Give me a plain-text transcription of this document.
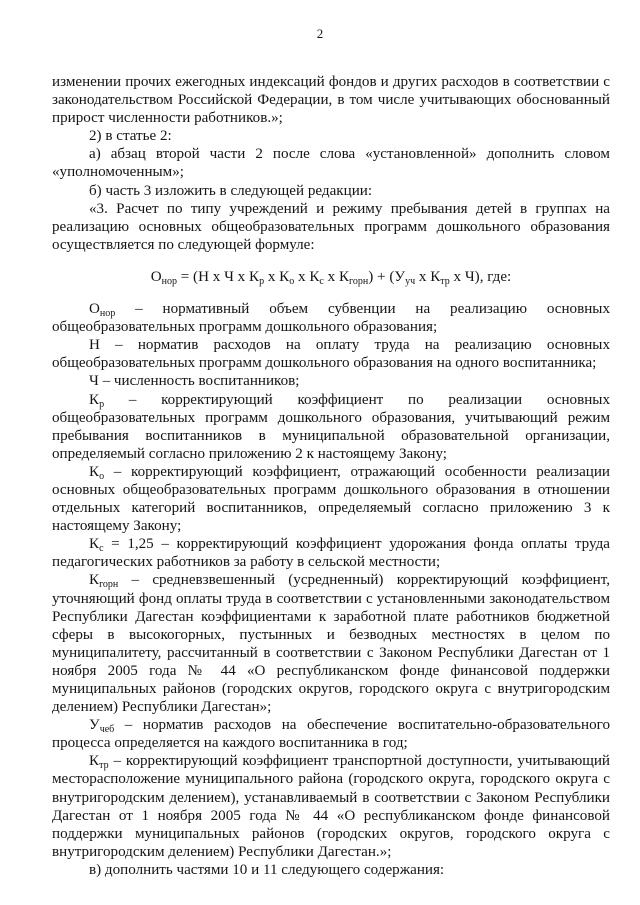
2

изменении прочих ежегодных индексаций фондов и других расходов в соответствии с законодательством Российской Федерации, в том числе учитывающих обоснованный прирост численности работников.»;

2) в статье 2:

а) абзац второй части 2 после слова «установленной» дополнить словом «уполномоченным»;

б) часть 3 изложить в следующей редакции:

«3. Расчет по типу учреждений и режиму пребывания детей в группах на реализацию основных общеобразовательных программ дошкольного образования осуществляется по следующей формуле:

$О_{нор} = (Н$ х Ч х $К_р$ х $К_о$ х $К_с$ х $К_{горн}) + (У_{уч}$ х $К_{тр}$ х Ч), где:

$О_{нор}$ – нормативный объем субвенции на реализацию основных общеобразовательных программ дошкольного образования;

Н – норматив расходов на оплату труда на реализацию основных общеобразовательных программ дошкольного образования на одного воспитанника;

Ч – численность воспитанников;

$К_р$ – корректирующий коэффициент по реализации основных общеобразовательных программ дошкольного образования, учитывающий режим пребывания воспитанников в муниципальной образовательной организации, определяемый согласно приложению 2 к настоящему Закону;

$К_о$ – корректирующий коэффициент, отражающий особенности реализации основных общеобразовательных программ дошкольного образования в отношении отдельных категорий воспитанников, определяемый согласно приложению 3 к настоящему Закону;

$К_с = 1,25$ – корректирующий коэффициент удорожания фонда оплаты труда педагогических работников за работу в сельской местности;

$К_{горн}$ – средневзвешенный (усредненный) корректирующий коэффициент, уточняющий фонд оплаты труда в соответствии с установленными законодательством Республики Дагестан коэффициентами к заработной плате работников бюджетной сферы в высокогорных, пустынных и безводных местностях в целом по муниципалитету, рассчитанный в соответствии с Законом Республики Дагестан от 1 ноября 2005 года № 44 «О республиканском фонде финансовой поддержки муниципальных районов (городских округов, городского округа с внутригородским делением) Республики Дагестан»;

$У_{чеб}$ – норматив расходов на обеспечение воспитательно-образовательного процесса определяется на каждого воспитанника в год;

$К_{тр}$ – корректирующий коэффициент транспортной доступности, учитывающий месторасположение муниципального района (городского округа, городского округа с внутригородским делением), устанавливаемый в соответствии с Законом Республики Дагестан от 1 ноября 2005 года № 44 «О республиканском фонде финансовой поддержки муниципальных районов (городских округов, городского округа с внутригородским делением) Республики Дагестан.»;

в) дополнить частями 10 и 11 следующего содержания:
